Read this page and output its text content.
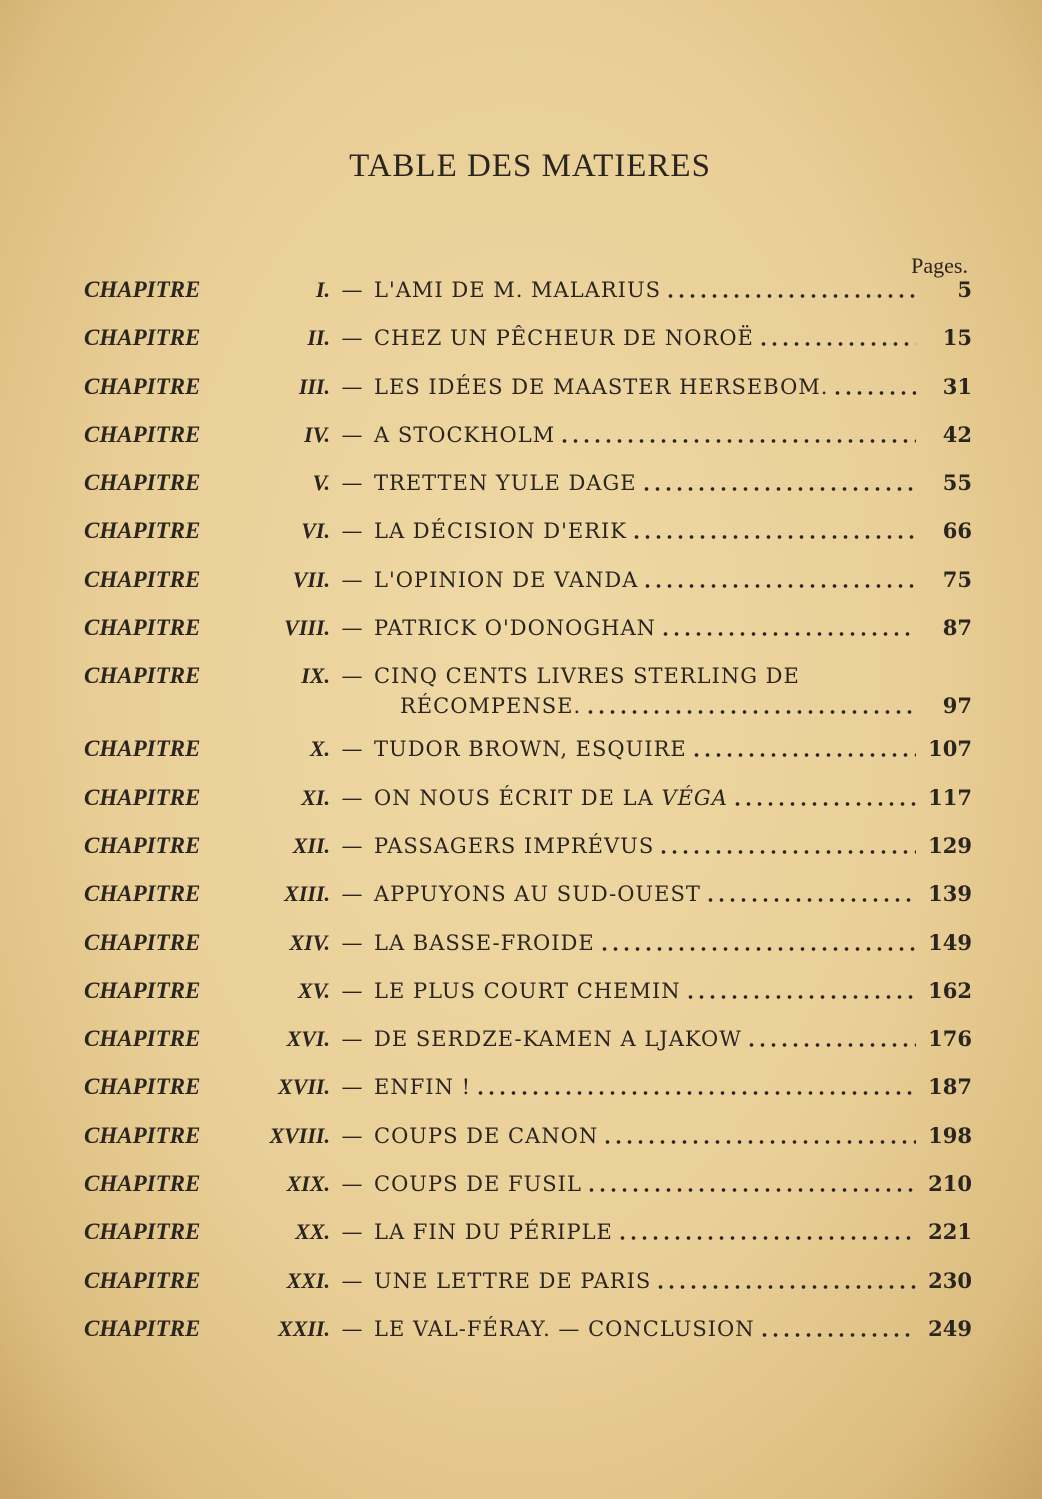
TABLE DES MATIERES
Pages.
CHAPITRE	I. — L'AMI DE M. MALARIUS	5
CHAPITRE	II. — CHEZ UN PÊCHEUR DE NOROË	15
CHAPITRE	III. — LES IDÉES DE MAASTER HERSEBOM.	31
CHAPITRE	IV. — A STOCKHOLM	42
CHAPITRE	V. — TRETTEN YULE DAGE	55
CHAPITRE	VI. — LA DÉCISION D'ERIK	66
CHAPITRE	VII. — L'OPINION DE VANDA	75
CHAPITRE	VIII. — PATRICK O'DONOGHAN	87
CHAPITRE	IX. — CINQ CENTS LIVRES STERLING DE
RÉCOMPENSE.	97
CHAPITRE	X. — TUDOR BROWN, ESQUIRE	107
CHAPITRE	XI. — ON NOUS ÉCRIT DE LA VÉGA	117
CHAPITRE	XII. — PASSAGERS IMPRÉVUS	129
CHAPITRE	XIII. — APPUYONS AU SUD-OUEST	139
CHAPITRE	XIV. — LA BASSE-FROIDE	149
CHAPITRE	XV. — LE PLUS COURT CHEMIN	162
CHAPITRE	XVI. — DE SERDZE-KAMEN A LJAKOW	176
CHAPITRE	XVII. — ENFIN !	187
CHAPITRE	XVIII. — COUPS DE CANON	198
CHAPITRE	XIX. — COUPS DE FUSIL	210
CHAPITRE	XX. — LA FIN DU PÉRIPLE	221
CHAPITRE	XXI. — UNE LETTRE DE PARIS	230
CHAPITRE	XXII. — LE VAL-FÉRAY. — CONCLUSION	249
